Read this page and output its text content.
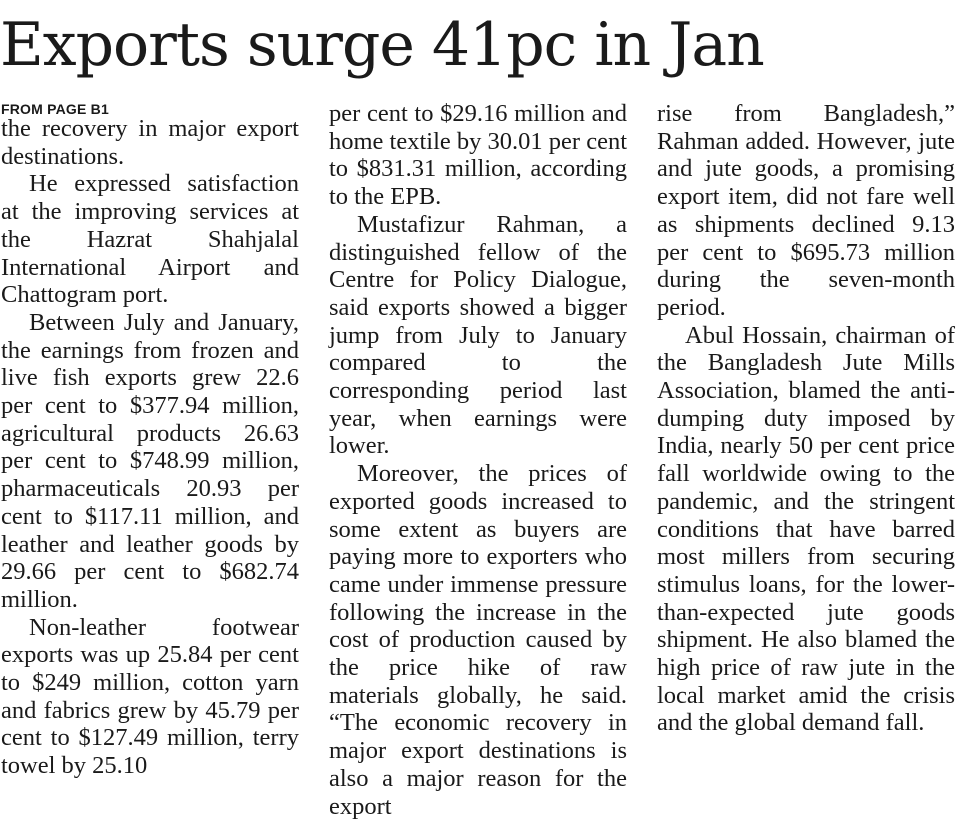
Exports surge 41pc in Jan
FROM PAGE B1

the recovery in major export destinations.

He expressed satisfaction at the improving services at the Hazrat Shahjalal International Airport and Chattogram port.

Between July and January, the earnings from frozen and live fish exports grew 22.6 per cent to $377.94 million, agricultural products 26.63 per cent to $748.99 million, pharmaceuticals 20.93 per cent to $117.11 million, and leather and leather goods by 29.66 per cent to $682.74 million.

Non-leather footwear exports was up 25.84 per cent to $249 million, cotton yarn and fabrics grew by 45.79 per cent to $127.49 million, terry towel by 25.10

per cent to $29.16 million and home textile by 30.01 per cent to $831.31 million, according to the EPB.

Mustafizur Rahman, a distinguished fellow of the Centre for Policy Dialogue, said exports showed a bigger jump from July to January compared to the corresponding period last year, when earnings were lower.

Moreover, the prices of exported goods increased to some extent as buyers are paying more to exporters who came under immense pressure following the increase in the cost of production caused by the price hike of raw materials globally, he said. “The economic recovery in major export destinations is also a major reason for the export

rise from Bangladesh,” Rahman added. However, jute and jute goods, a promising export item, did not fare well as shipments declined 9.13 per cent to $695.73 million during the seven-month period.

Abul Hossain, chairman of the Bangladesh Jute Mills Association, blamed the anti-dumping duty imposed by India, nearly 50 per cent price fall worldwide owing to the pandemic, and the stringent conditions that have barred most millers from securing stimulus loans, for the lower-than-expected jute goods shipment. He also blamed the high price of raw jute in the local market amid the crisis and the global demand fall.
